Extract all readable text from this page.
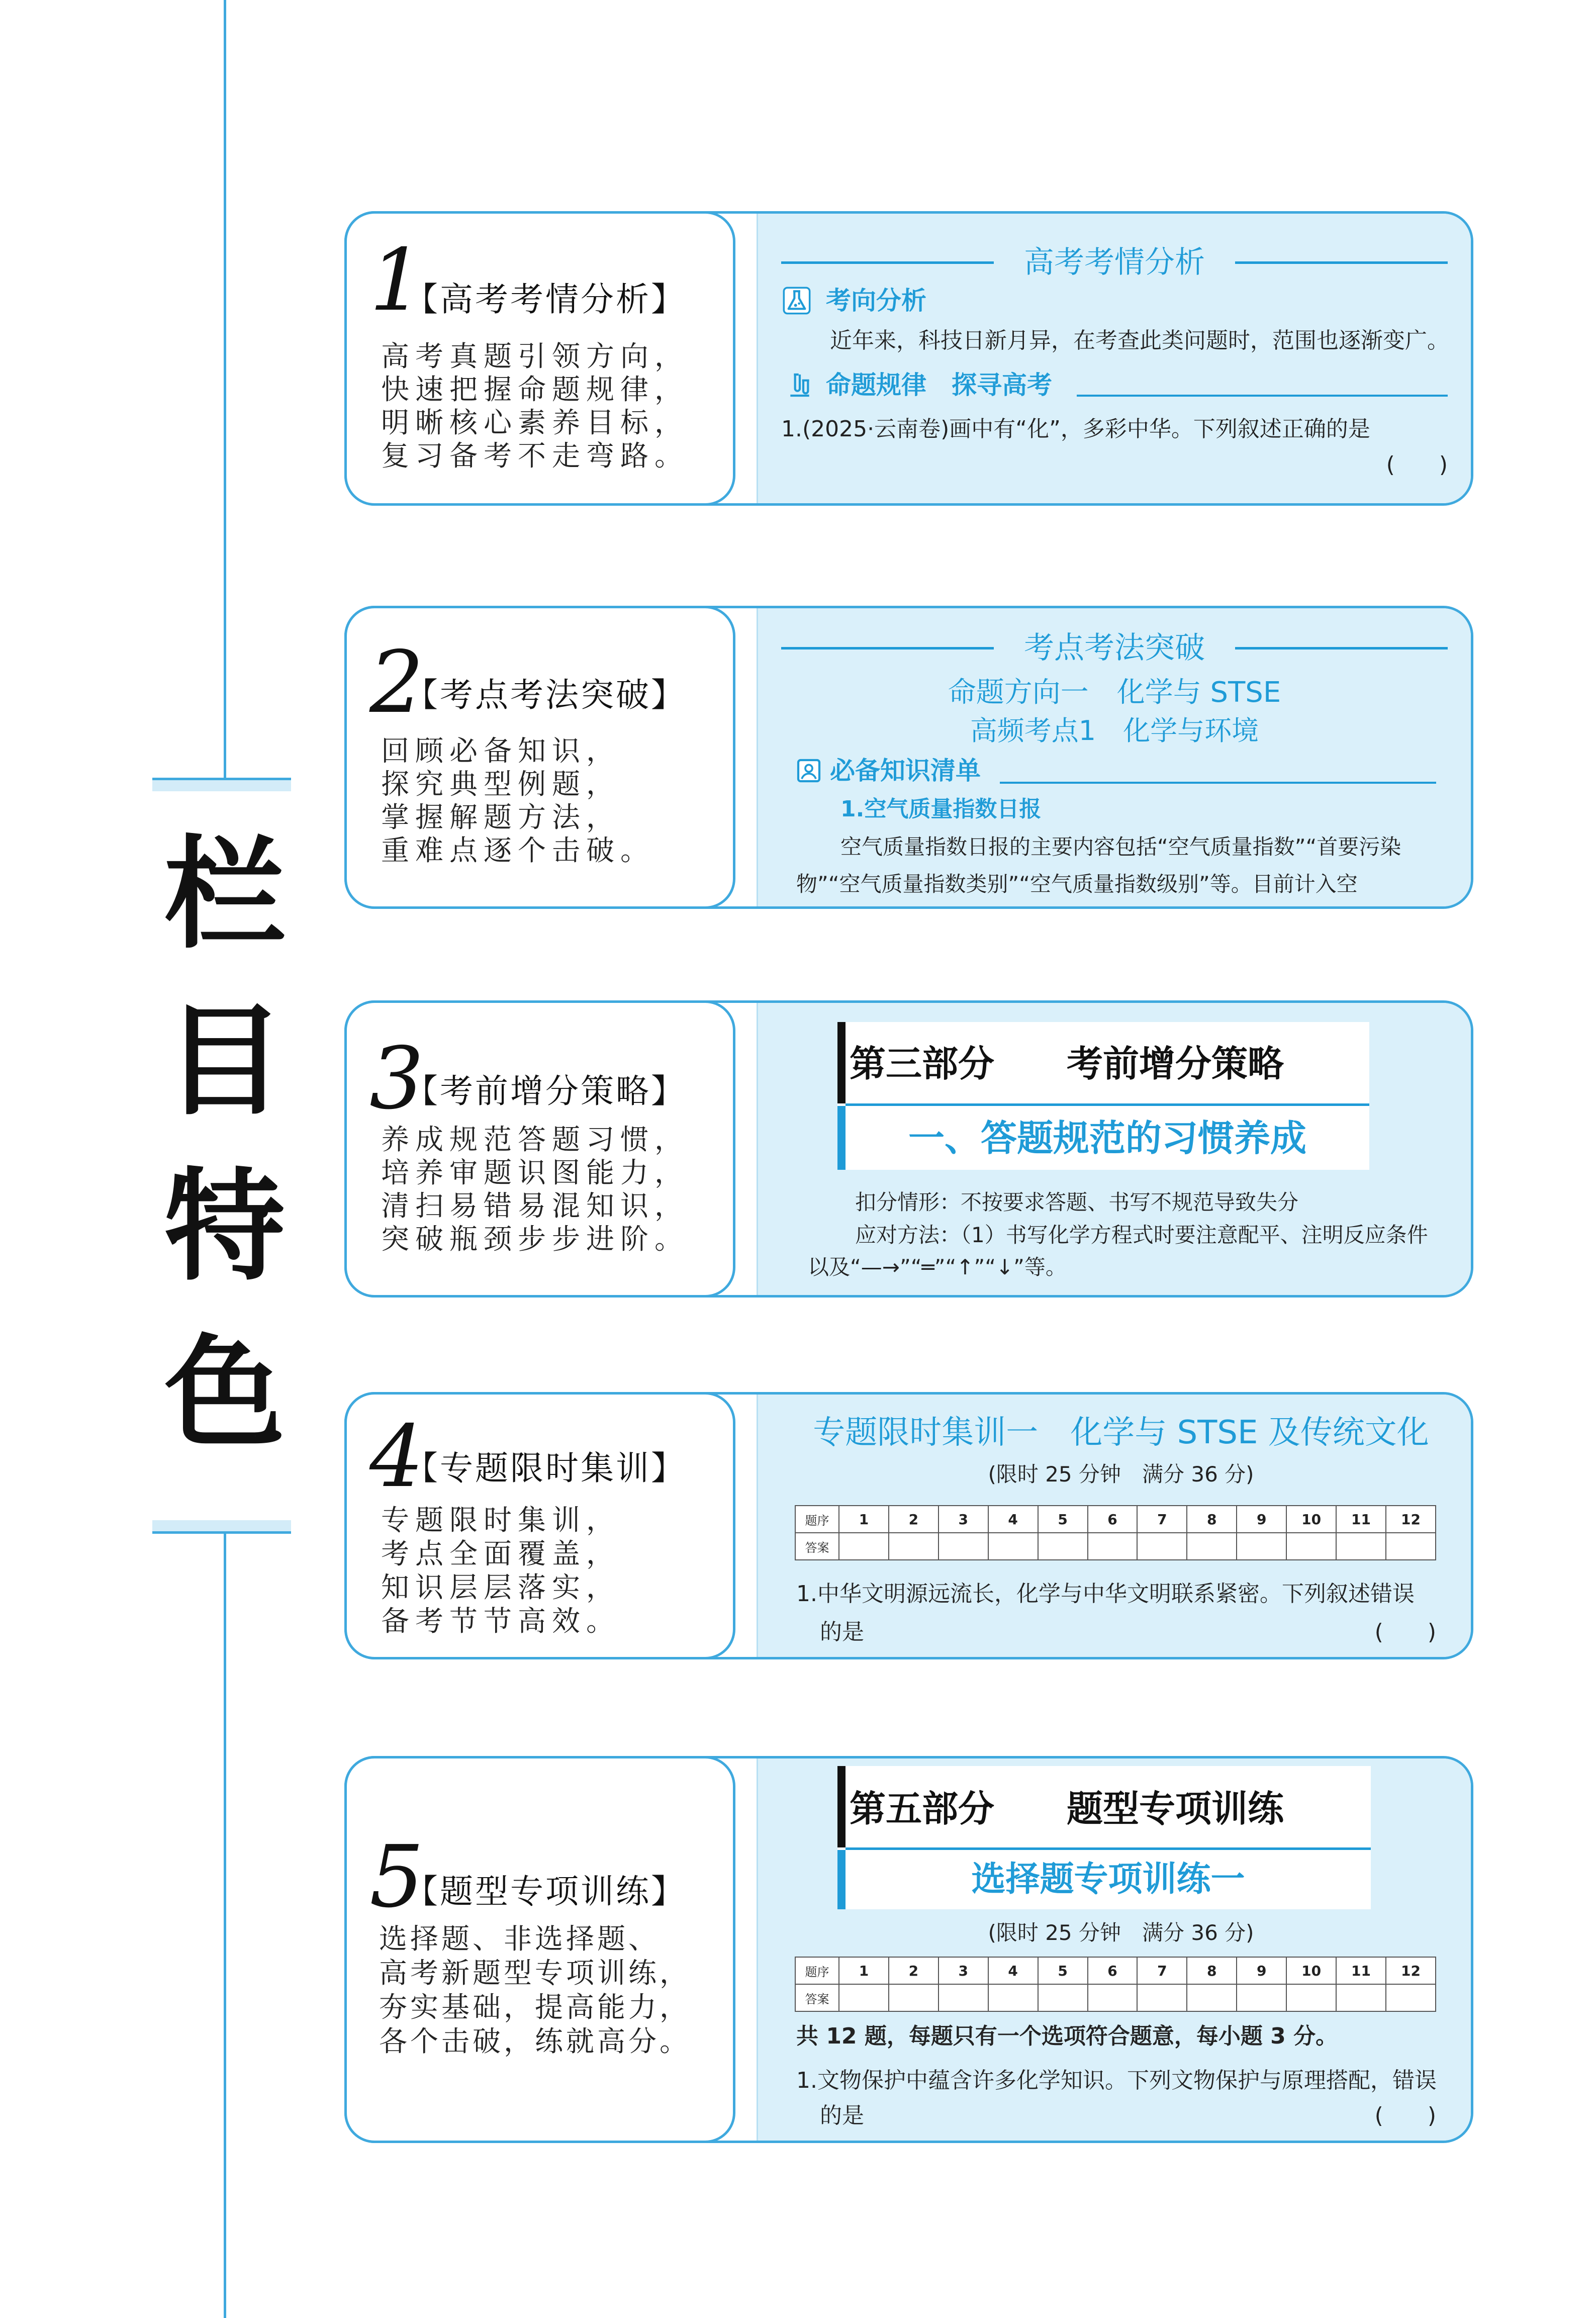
栏
目
特
色
1
【高考考情分析】
高考真题引领方向，
快速把握命题规律，
明晰核心素养目标，
复习备考不走弯路。
高考考情分析
考向分析
近年来，科技日新月异，在考查此类问题时，范围也逐渐变广。
命题规律　探寻高考
1.(2025·云南卷)画中有“化”，多彩中华。下列叙述正确的是
(　　)
2
【考点考法突破】
回顾必备知识，
探究典型例题，
掌握解题方法，
重难点逐个击破。
考点考法突破
命题方向一　化学与 STSE
高频考点1　化学与环境
必备知识清单
1.空气质量指数日报
空气质量指数日报的主要内容包括“空气质量指数”“首要污染
物”“空气质量指数类别”“空气质量指数级别”等。目前计入空
3
【考前增分策略】
养成规范答题习惯，
培养审题识图能力，
清扫易错易混知识，
突破瓶颈步步进阶。
第三部分　　考前增分策略
一、答题规范的习惯养成
扣分情形：不按要求答题、书写不规范导致失分
应对方法：（1）书写化学方程式时要注意配平、注明反应条件
以及“—→”“═”“↑”“↓”等。
4
【专题限时集训】
专题限时集训，
考点全面覆盖，
知识层层落实，
备考节节高效。
专题限时集训一　化学与 STSE 及传统文化
(限时 25 分钟　满分 36 分)
题序	1	2	3	4	5	6	7	8	9	10	11	12
答案												
1.中华文明源远流长，化学与中华文明联系紧密。下列叙述错误
的是	(　　)
5
【题型专项训练】
选择题、非选择题、
高考新题型专项训练，
夯实基础，提高能力，
各个击破，练就高分。
第五部分　　题型专项训练
选择题专项训练一
(限时 25 分钟　满分 36 分)
题序	1	2	3	4	5	6	7	8	9	10	11	12
答案												
共 12 题，每题只有一个选项符合题意，每小题 3 分。
1.文物保护中蕴含许多化学知识。下列文物保护与原理搭配，错误
的是	(　　)
